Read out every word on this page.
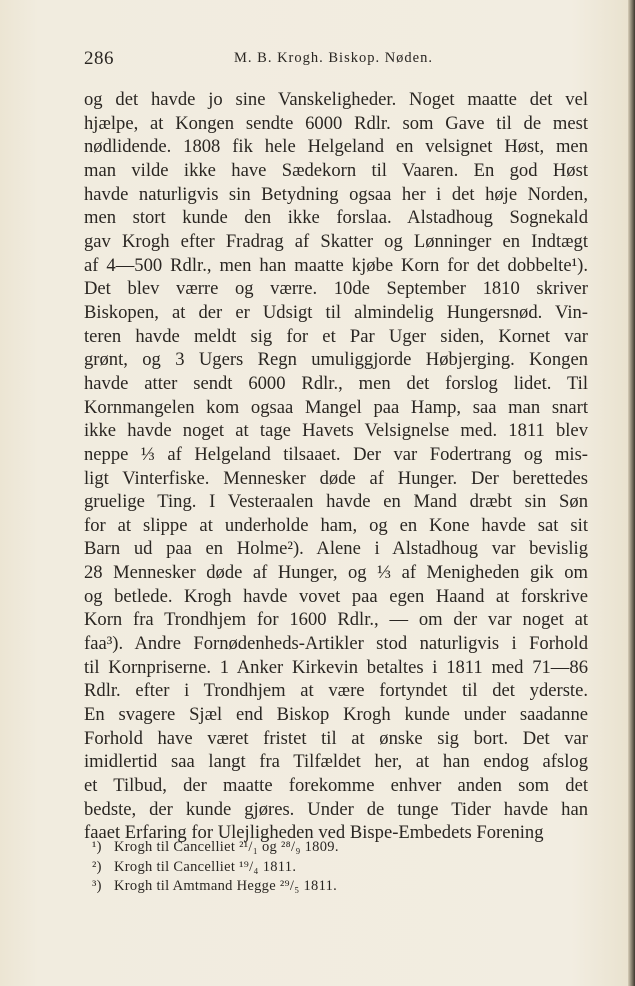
286	M. B. Krogh. Biskop. Nøden.
og det havde jo sine Vanskeligheder. Noget maatte det vel
hjælpe, at Kongen sendte 6000 Rdlr. som Gave til de mest
nødlidende. 1808 fik hele Helgeland en velsignet Høst, men
man vilde ikke have Sædekorn til Vaaren. En god Høst
havde naturligvis sin Betydning ogsaa her i det høje Norden,
men stort kunde den ikke forslaa. Alstadhoug Sognekald
gav Krogh efter Fradrag af Skatter og Lønninger en Indtægt
af 4—500 Rdlr., men han maatte kjøbe Korn for det dobbelte¹).
Det blev værre og værre. 10de September 1810 skriver
Biskopen, at der er Udsigt til almindelig Hungersnød. Vin-
teren havde meldt sig for et Par Uger siden, Kornet var
grønt, og 3 Ugers Regn umuliggjorde Høbjerging. Kongen
havde atter sendt 6000 Rdlr., men det forslog lidet. Til
Kornmangelen kom ogsaa Mangel paa Hamp, saa man snart
ikke havde noget at tage Havets Velsignelse med. 1811 blev
neppe ⅓ af Helgeland tilsaaet. Der var Fodertrang og mis-
ligt Vinterfiske. Mennesker døde af Hunger. Der berettedes
gruelige Ting. I Vesteraalen havde en Mand dræbt sin Søn
for at slippe at underholde ham, og en Kone havde sat sit
Barn ud paa en Holme²). Alene i Alstadhoug var bevislig
28 Mennesker døde af Hunger, og ⅓ af Menigheden gik om
og betlede. Krogh havde vovet paa egen Haand at forskrive
Korn fra Trondhjem for 1600 Rdlr., — om der var noget at
faa³). Andre Fornødenheds-Artikler stod naturligvis i Forhold
til Kornpriserne. 1 Anker Kirkevin betaltes i 1811 med 71—86
Rdlr. efter i Trondhjem at være fortyndet til det yderste.
En svagere Sjæl end Biskop Krogh kunde under saadanne
Forhold have været fristet til at ønske sig bort. Det var
imidlertid saa langt fra Tilfældet her, at han endog afslog
et Tilbud, der maatte forekomme enhver anden som det
bedste, der kunde gjøres. Under de tunge Tider havde han
faaet Erfaring for Ulejligheden ved Bispe-Embedets Forening
¹) Krogh til Cancelliet ²¹/₁ og ²⁸/₉ 1809.
²) Krogh til Cancelliet ¹⁹/₄ 1811.
³) Krogh til Amtmand Hegge ²⁹/₅ 1811.
